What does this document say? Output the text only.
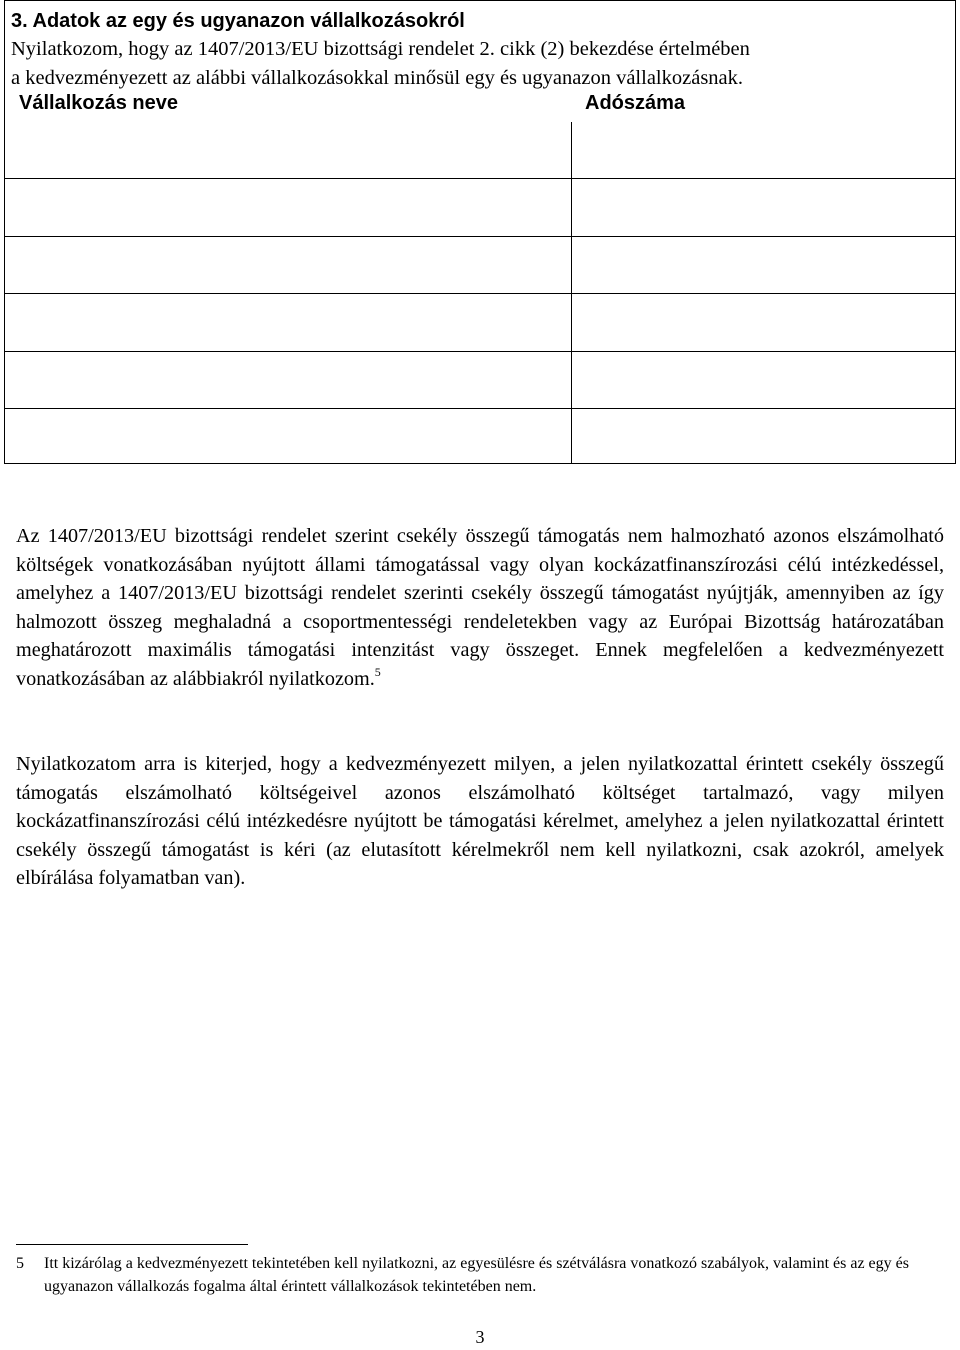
3. Adatok az egy és ugyanazon vállalkozásokról
Nyilatkozom, hogy az 1407/2013/EU bizottsági rendelet 2. cikk (2) bekezdése értelmében
a kedvezményezett az alábbi vállalkozásokkal minősül egy és ugyanazon vállalkozásnak.
Vállalkozás neve	Adószáma
Az 1407/2013/EU bizottsági rendelet szerint csekély összegű támogatás nem halmozható azonos elszámolható költségek vonatkozásában nyújtott állami támogatással vagy olyan kockázatfinanszírozási célú intézkedéssel, amelyhez a 1407/2013/EU bizottsági rendelet szerinti csekély összegű támogatást nyújtják, amennyiben az így halmozott összeg meghaladná a csoportmentességi rendeletekben vagy az Európai Bizottság határozatában meghatározott maximális támogatási intenzitást vagy összeget. Ennek megfelelően a kedvezményezett vonatkozásában az alábbiakról nyilatkozom.$^5$
Nyilatkozatom arra is kiterjed, hogy a kedvezményezett milyen, a jelen nyilatkozattal érintett csekély összegű támogatás elszámolható költségeivel azonos elszámolható költséget tartalmazó, vagy milyen kockázatfinanszírozási célú intézkedésre nyújtott be támogatási kérelmet, amelyhez a jelen nyilatkozattal érintett csekély összegű támogatást is kéri (az elutasított kérelmekről nem kell nyilatkozni, csak azokról, amelyek elbírálása folyamatban van).
5 Itt kizárólag a kedvezményezett tekintetében kell nyilatkozni, az egyesülésre és szétválásra vonatkozó szabályok, valamint és az egy és ugyanazon vállalkozás fogalma által érintett vállalkozások tekintetében nem.
3
